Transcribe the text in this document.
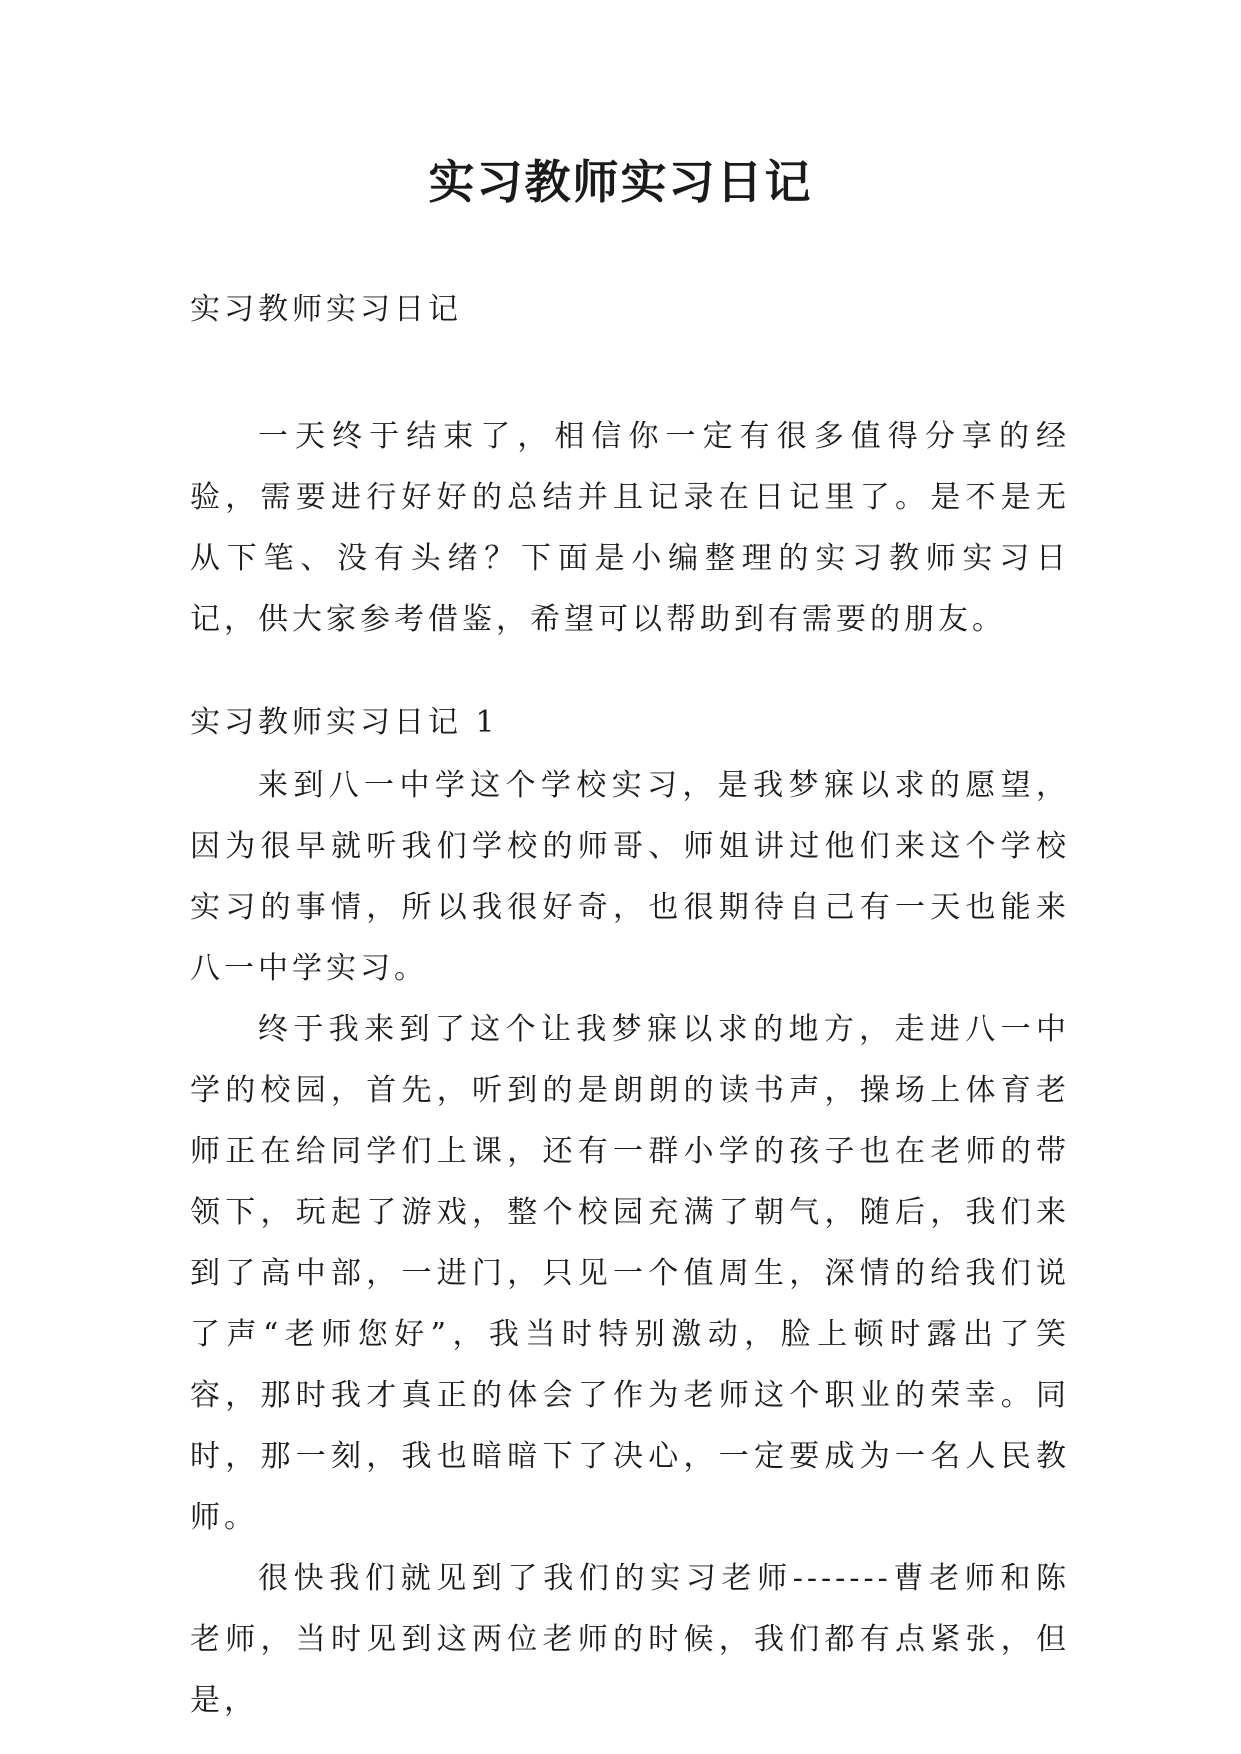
实习教师实习日记

实习教师实习日记

一天终于结束了，相信你一定有很多值得分享的经验，需要进行好好的总结并且记录在日记里了。是不是无从下笔、没有头绪？下面是小编整理的实习教师实习日记，供大家参考借鉴，希望可以帮助到有需要的朋友。

实习教师实习日记 1

来到八一中学这个学校实习，是我梦寐以求的愿望，因为很早就听我们学校的师哥、师姐讲过他们来这个学校实习的事情，所以我很好奇，也很期待自己有一天也能来八一中学实习。

终于我来到了这个让我梦寐以求的地方，走进八一中学的校园，首先，听到的是朗朗的读书声，操场上体育老师正在给同学们上课，还有一群小学的孩子也在老师的带领下，玩起了游戏，整个校园充满了朝气，随后，我们来到了高中部，一进门，只见一个值周生，深情的给我们说了声“老师您好”，我当时特别激动，脸上顿时露出了笑容，那时我才真正的体会了作为老师这个职业的荣幸。同时，那一刻，我也暗暗下了决心，一定要成为一名人民教师。

很快我们就见到了我们的实习老师-------曹老师和陈老师，当时见到这两位老师的时候，我们都有点紧张，但是，
